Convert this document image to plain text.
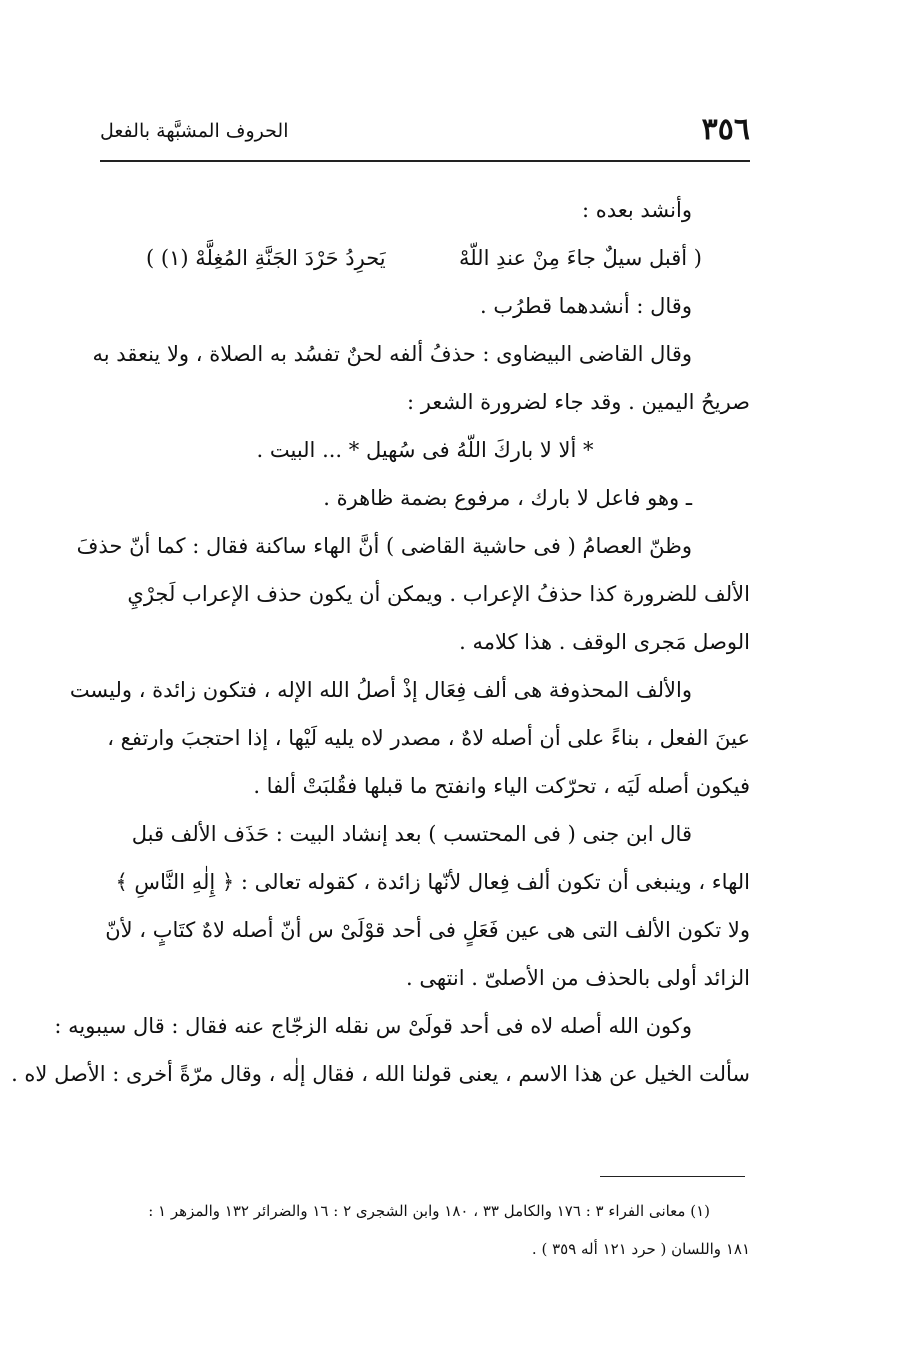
٣٥٦
الحروف المشبَّهة بالفعل
وأنشد بعده :
( أقبل سيلٌ جاءَ مِنْ عندِ اللّهْ
يَحرِدُ حَرْدَ الجَنَّةِ المُغِلَّهْ (١) )
وقال : أنشدهما قطرُب .
وقال القاضى البيضاوى : حذفُ ألفه لحنٌ تفسُد به الصلاة ، ولا ينعقد به
صريحُ اليمين . وقد جاء لضرورة الشعر :
* ألا لا باركَ اللّهُ فى سُهيل * ... البيت .
ـ وهو فاعل لا بارك ، مرفوع بضمة ظاهرة .
وظنّ العصامُ ( فى حاشية القاضى ) أنَّ الهاء ساكنة فقال : كما أنّ حذفَ
الألف للضرورة كذا حذفُ الإعراب . ويمكن أن يكون حذف الإعراب لَجرْيِ
الوصل مَجرى الوقف . هذا كلامه .
والألف المحذوفة هى ألف فِعَال إذْ أصلُ الله الإله ، فتكون زائدة ، وليست
عينَ الفعل ، بناءً على أن أصله لاهٌ ، مصدر لاه يليه لَيْها ، إذا احتجبَ وارتفع ،
فيكون أصله لَيَه ، تحرّكت الياء وانفتح ما قبلها فقُلبَتْ ألفا .
قال ابن جنى ( فى المحتسب ) بعد إنشاد البيت : حَذَف الألف قبل
الهاء ، وينبغى أن تكون ألف فِعال لأنّها زائدة ، كقوله تعالى : ﴿ إِلٰهِ النَّاسِ ﴾
ولا تكون الألف التى هى عين فَعَلٍ فى أحد قوْلَىْ س أنّ أصله لاهٌ كتَابٍ ، لأنّ
الزائد أولى بالحذف من الأصلىّ . انتهى .
وكون الله أصله لاه فى أحد قولَىْ س نقله الزجّاج عنه فقال : قال سيبويه :
سألت الخيل عن هذا الاسم ، يعنى قولنا الله ، فقال إلٰه ، وقال مرّةً أخرى : الأصل لاه .
(١) معانى الفراء ٣ : ١٧٦ والكامل ٣٣ ، ١٨٠ وابن الشجرى ٢ : ١٦ والضرائر ١٣٢ والمزهر ١ :
١٨١ واللسان ( حرد ١٢١ أله ٣٥٩ ) .
